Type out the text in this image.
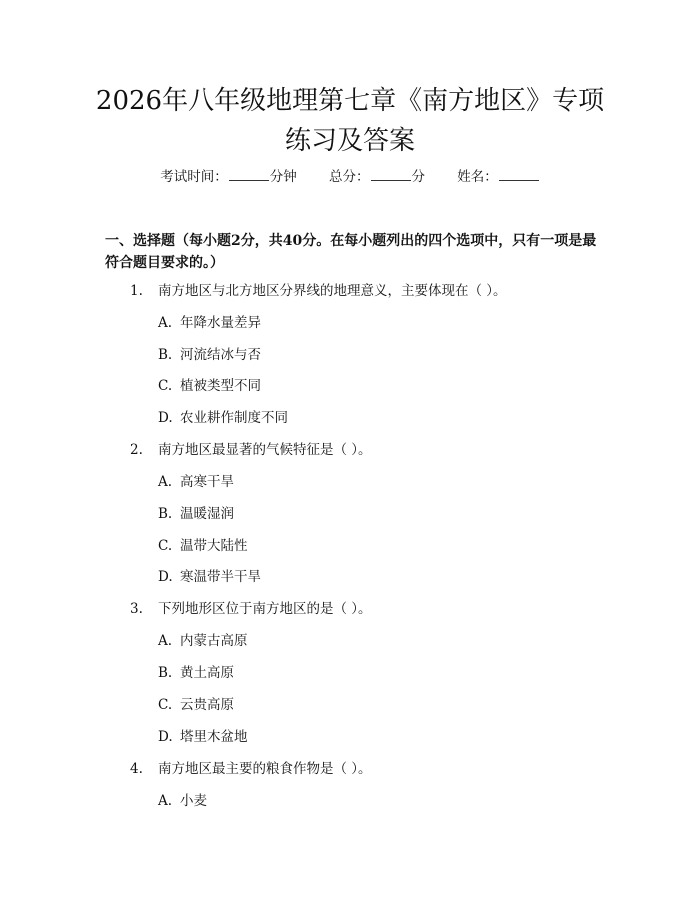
2026年八年级地理第七章《南方地区》专项
练习及答案
考试时间：	分钟 总分：	分 姓名：
一、选择题（每小题2分，共40分。在每小题列出的四个选项中，只有一项是最
符合题目要求的。）
1. 南方地区与北方地区分界线的地理意义，主要体现在（ ）。
A. 年降水量差异
B. 河流结冰与否
C. 植被类型不同
D. 农业耕作制度不同
2. 南方地区最显著的气候特征是（ ）。
A. 高寒干旱
B. 温暖湿润
C. 温带大陆性
D. 寒温带半干旱
3. 下列地形区位于南方地区的是（ ）。
A. 内蒙古高原
B. 黄土高原
C. 云贵高原
D. 塔里木盆地
4. 南方地区最主要的粮食作物是（ ）。
A. 小麦
